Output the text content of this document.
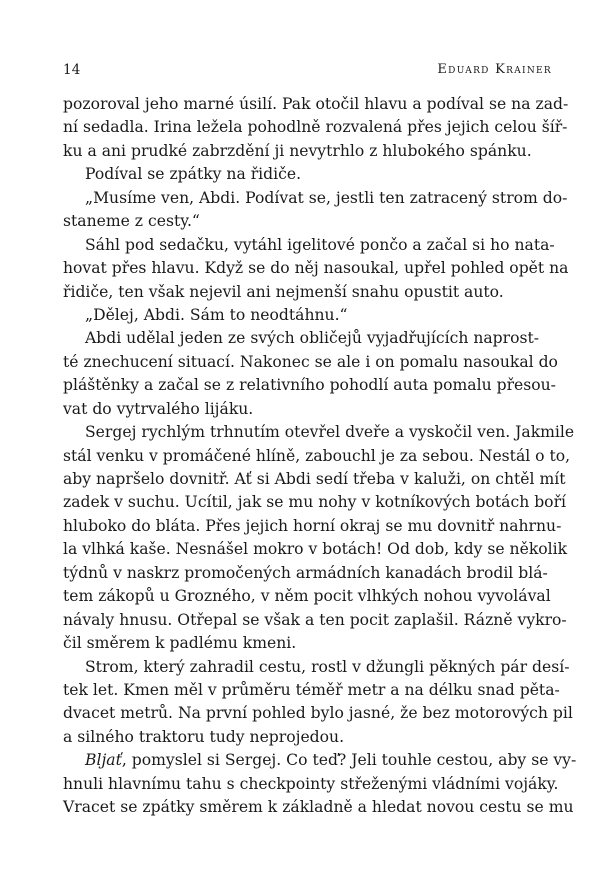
14	Eduard Krainer
pozoroval jeho marné úsilí. Pak otočil hlavu a podíval se na zad-
ní sedadla. Irina ležela pohodlně rozvalená přes jejich celou šíř-
ku a ani prudké zabrzdění ji nevytrhlo z hlubokého spánku.
Podíval se zpátky na řidiče.
„Musíme ven, Abdi. Podívat se, jestli ten zatracený strom do-
staneme z cesty.“
Sáhl pod sedačku, vytáhl igelitové pončo a začal si ho nata-
hovat přes hlavu. Když se do něj nasoukal, upřel pohled opět na
řidiče, ten však nejevil ani nejmenší snahu opustit auto.
„Dělej, Abdi. Sám to neodtáhnu.“
Abdi udělal jeden ze svých obličejů vyjadřujících naprost-
té znechucení situací. Nakonec se ale i on pomalu nasoukal do
pláštěnky a začal se z relativního pohodlí auta pomalu přesou-
vat do vytrvalého lijáku.
Sergej rychlým trhnutím otevřel dveře a vyskočil ven. Jakmile
stál venku v promáčené hlíně, zabouchl je za sebou. Nestál o to,
aby napršelo dovnitř. Ať si Abdi sedí třeba v kaluži, on chtěl mít
zadek v suchu. Ucítil, jak se mu nohy v kotníkových botách boří
hluboko do bláta. Přes jejich horní okraj se mu dovnitř nahrnu-
la vlhká kaše. Nesnášel mokro v botách! Od dob, kdy se několik
týdnů v naskrz promočených armádních kanadách brodil blá-
tem zákopů u Grozného, v něm pocit vlhkých nohou vyvolával
návaly hnusu. Otřepal se však a ten pocit zaplašil. Rázně vykro-
čil směrem k padlému kmeni.
Strom, který zahradil cestu, rostl v džungli pěkných pár desí-
tek let. Kmen měl v průměru téměř metr a na délku snad pěta-
dvacet metrů. Na první pohled bylo jasné, že bez motorových pil
a silného traktoru tudy neprojedou.
Bljať, pomyslel si Sergej. Co teď? Jeli touhle cestou, aby se vy-
hnuli hlavnímu tahu s checkpointy střeženými vládními vojáky.
Vracet se zpátky směrem k základně a hledat novou cestu se mu
